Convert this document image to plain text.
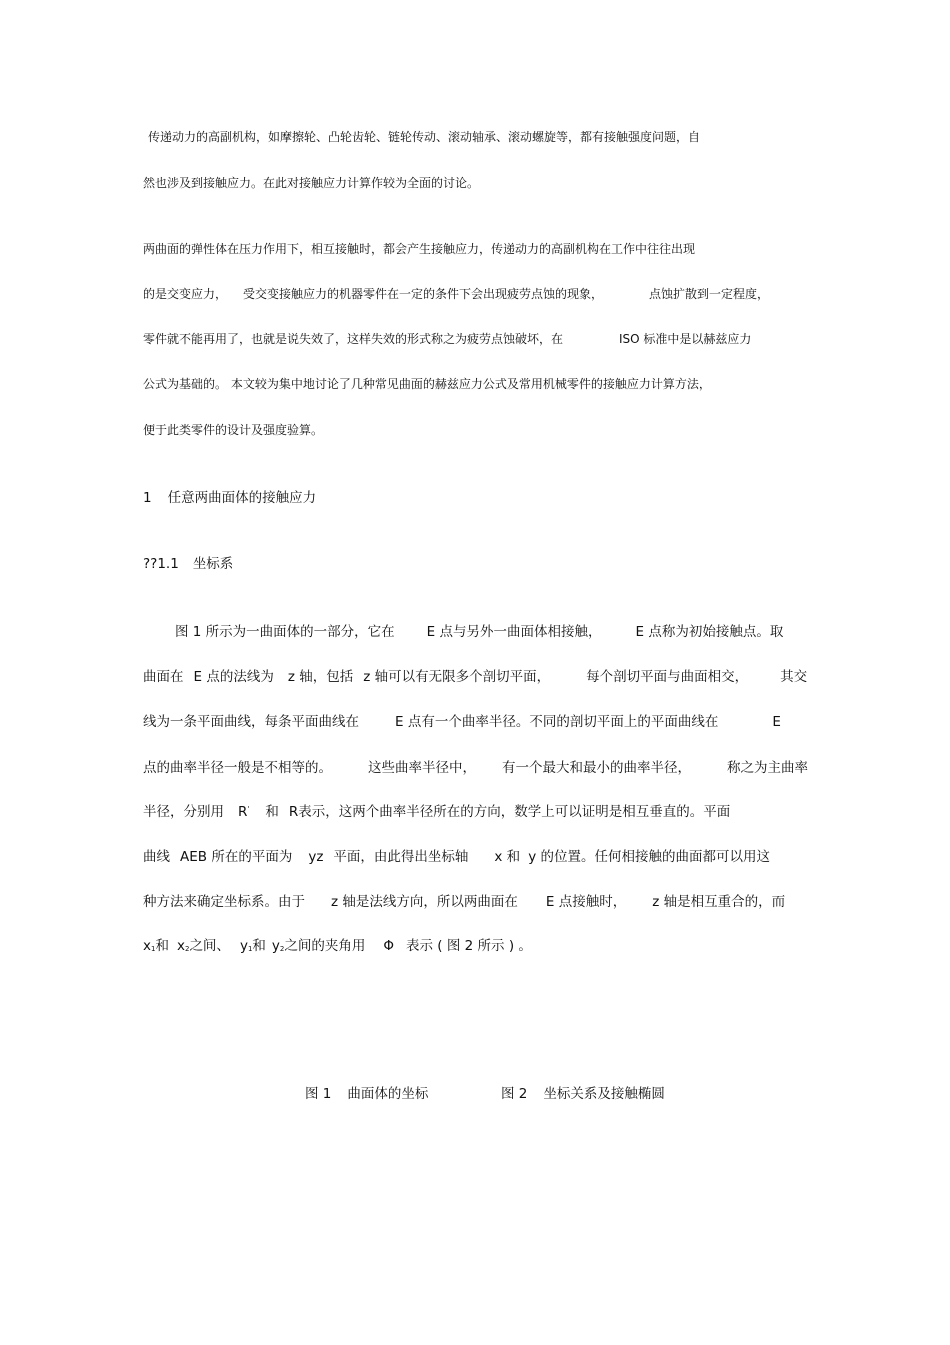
传递动力的高副机构，如摩擦轮、凸轮齿轮、链轮传动、滚动轴承、滚动螺旋等，都有接触强度问题，自

然也涉及到接触应力。在此对接触应力计算作较为全面的讨论。

两曲面的弹性体在压力作用下，相互接触时，都会产生接触应力，传递动力的高副机构在工作中往往出现

的是交变应力， 受交变接触应力的机器零件在一定的条件下会出现疲劳点蚀的现象，	点蚀扩散到一定程度，

零件就不能再用了，也就是说失效了，这样失效的形式称之为疲劳点蚀破坏，在	ISO 标准中是以赫兹应力

公式为基础的。 本文较为集中地讨论了几种常见曲面的赫兹应力公式及常用机械零件的接触应力计算方法，

便于此类零件的设计及强度验算。

1 任意两曲面体的接触应力

??1.1 坐标系

图 1 所示为一曲面体的一部分，它在 E 点与另外一曲面体相接触，	E 点称为初始接触点。取

曲面在 E 点的法线为 z 轴，包括 z 轴可以有无限多个剖切平面，	每个剖切平面与曲面相交， 其交

线为一条平面曲线，每条平面曲线在	E 点有一个曲率半径。不同的剖切平面上的平面曲线在	E

点的曲率半径一般是不相等的。	这些曲率半径中， 有一个最大和最小的曲率半径，	称之为主曲率

半径，分别用 R' 和 R表示，这两个曲率半径所在的方向，数学上可以证明是相互垂直的。平面

曲线 AEB 所在的平面为 yz 平面，由此得出坐标轴 x 和 y 的位置。任何相接触的曲面都可以用这

种方法来确定坐标系。由于 z 轴是法线方向，所以两曲面在 E 点接触时， z 轴是相互重合的，而

$x_1$和 $x_2$之间、 $y_1$和 $y_2$之间的夹角用 Φ 表示 ( 图 2 所示 ) 。

图 1 曲面体的坐标	图 2 坐标关系及接触椭圆
